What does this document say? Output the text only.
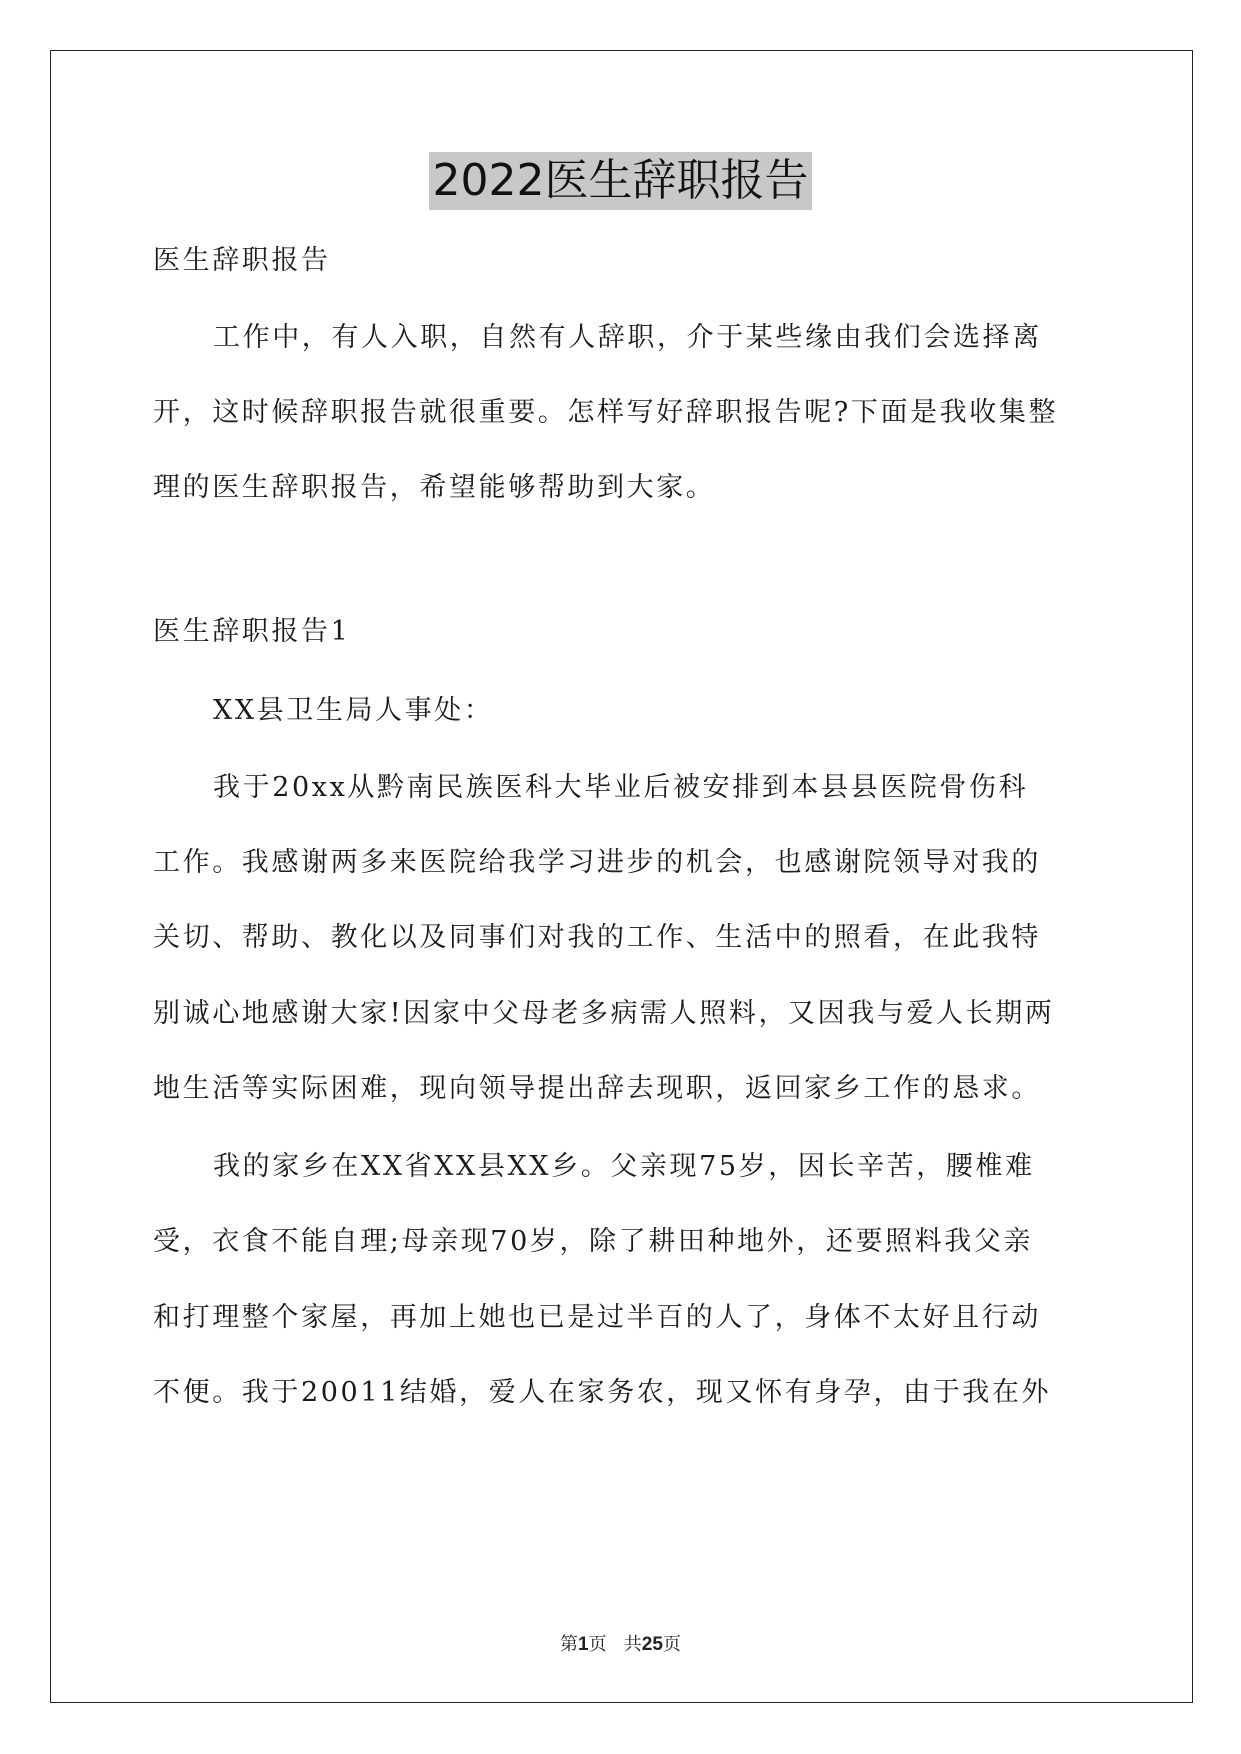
2022医生辞职报告
医生辞职报告
工作中，有人入职，自然有人辞职，介于某些缘由我们会选择离
开，这时候辞职报告就很重要。怎样写好辞职报告呢?下面是我收集整
理的医生辞职报告，希望能够帮助到大家。
医生辞职报告1
XX县卫生局人事处：
我于20xx从黔南民族医科大毕业后被安排到本县县医院骨伤科
工作。我感谢两多来医院给我学习进步的机会，也感谢院领导对我的
关切、帮助、教化以及同事们对我的工作、生活中的照看，在此我特
别诚心地感谢大家!因家中父母老多病需人照料，又因我与爱人长期两
地生活等实际困难，现向领导提出辞去现职，返回家乡工作的恳求。
我的家乡在XX省XX县XX乡。父亲现75岁，因长辛苦，腰椎难
受，衣食不能自理;母亲现70岁，除了耕田种地外，还要照料我父亲
和打理整个家屋，再加上她也已是过半百的人了，身体不太好且行动
不便。我于20011结婚，爱人在家务农，现又怀有身孕，由于我在外
第1页   共25页
